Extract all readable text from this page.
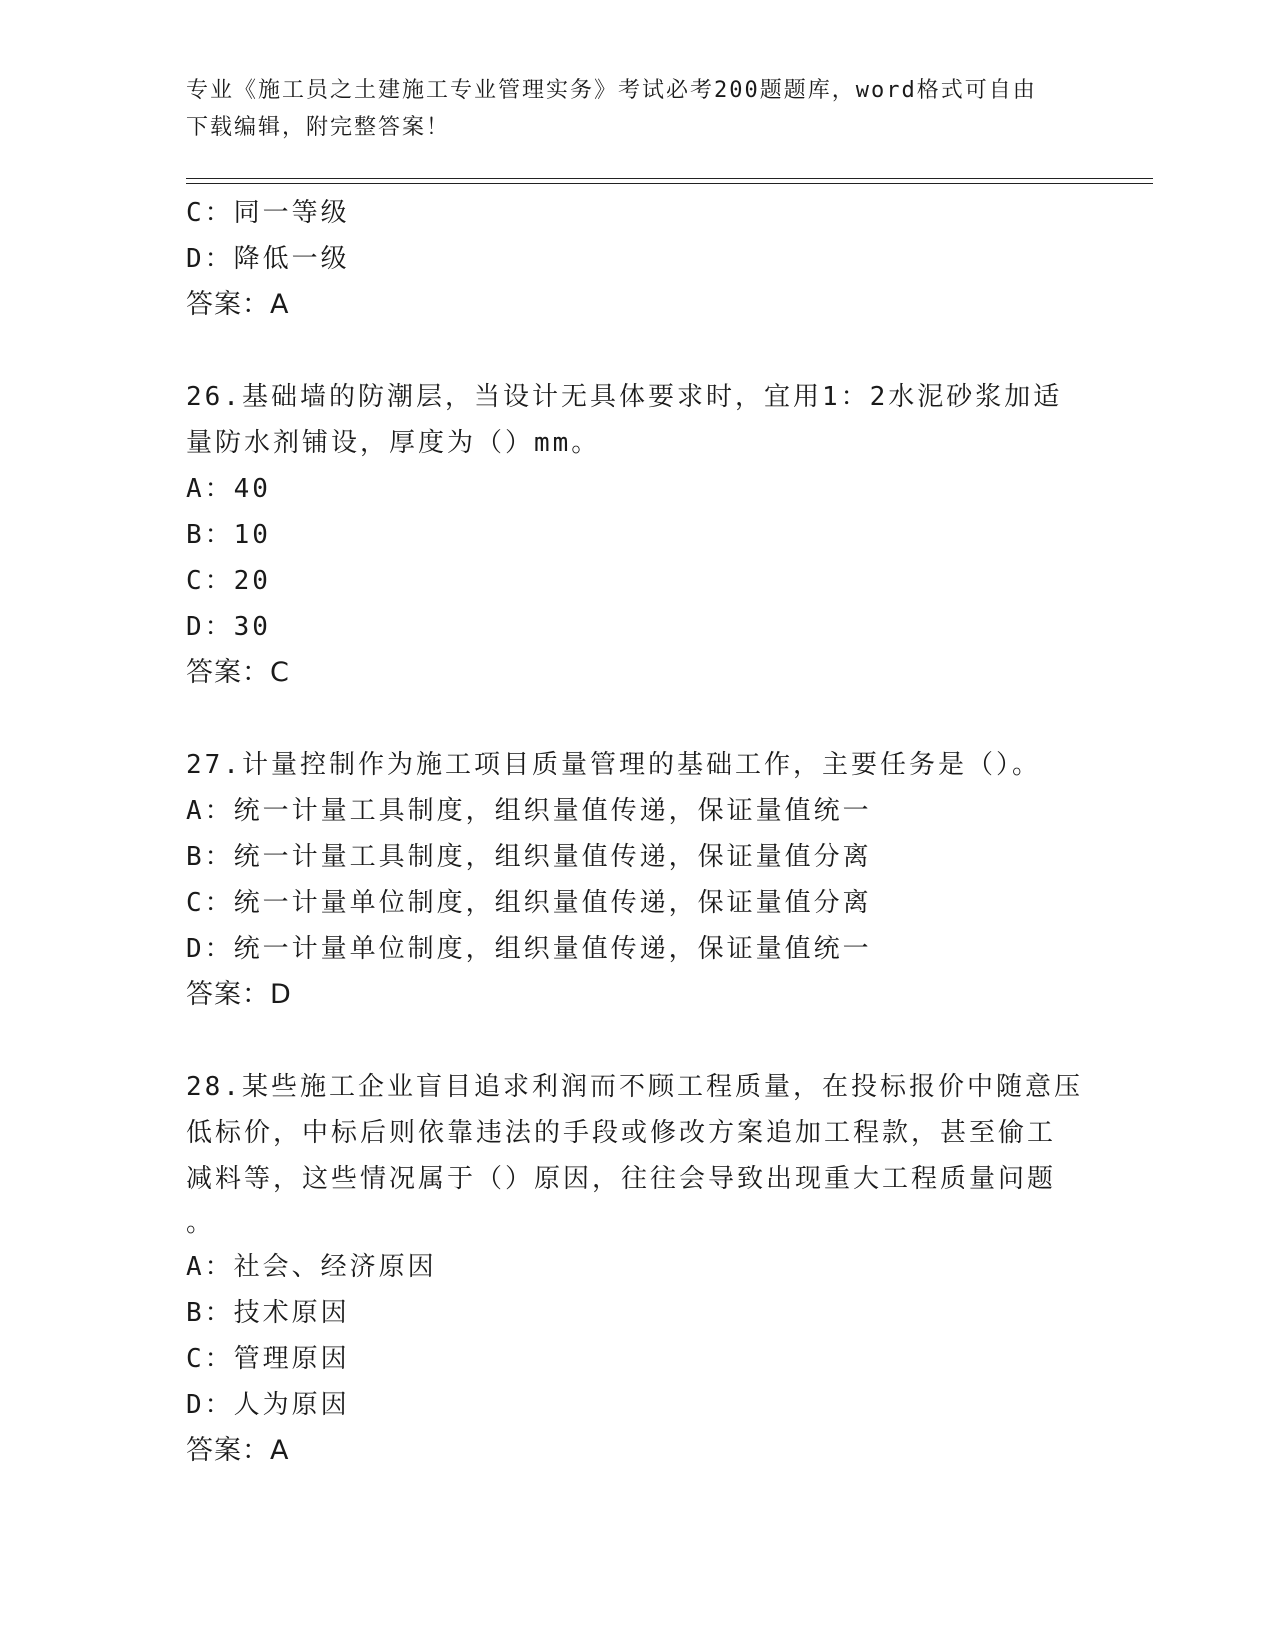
专业《施工员之土建施工专业管理实务》考试必考200题题库，word格式可自由
下载编辑，附完整答案！
C：同一等级
D：降低一级
答案：A
26.基础墙的防潮层，当设计无具体要求时，宜用1：2水泥砂浆加适
量防水剂铺设，厚度为（）mm。
A：40
B：10
C：20
D：30
答案：C
27.计量控制作为施工项目质量管理的基础工作，主要任务是（）。
A：统一计量工具制度，组织量值传递，保证量值统一
B：统一计量工具制度，组织量值传递，保证量值分离
C：统一计量单位制度，组织量值传递，保证量值分离
D：统一计量单位制度，组织量值传递，保证量值统一
答案：D
28.某些施工企业盲目追求利润而不顾工程质量，在投标报价中随意压
低标价，中标后则依靠违法的手段或修改方案追加工程款，甚至偷工
减料等，这些情况属于（）原因，往往会导致出现重大工程质量问题
。
A：社会、经济原因
B：技术原因
C：管理原因
D：人为原因
答案：A
